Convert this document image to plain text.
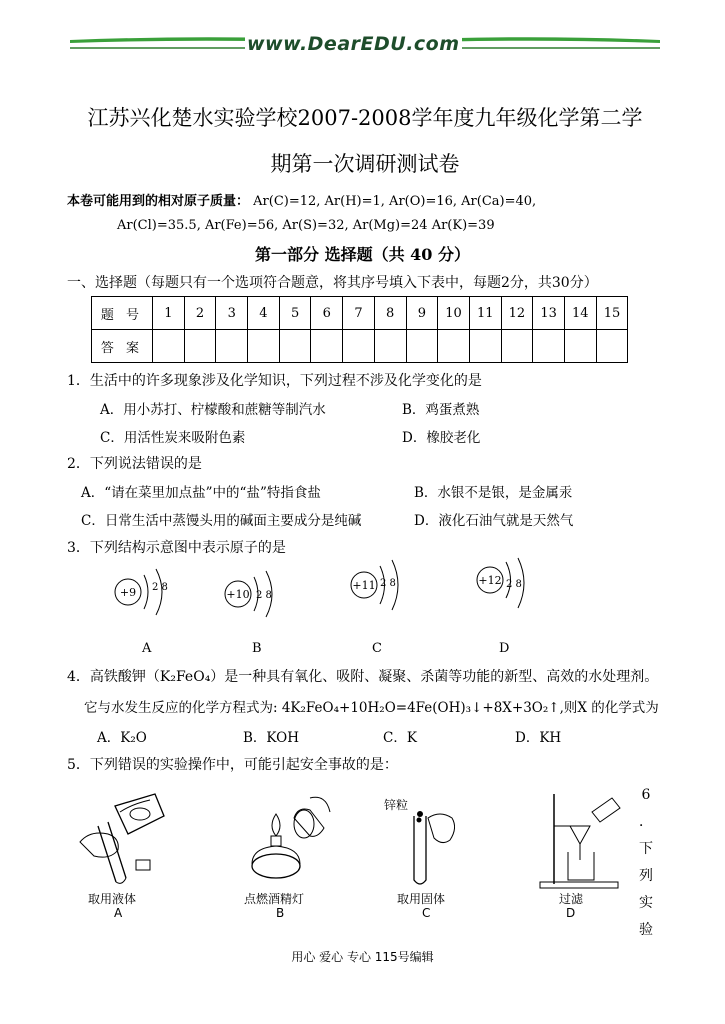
www.DearEDU.com
江苏兴化楚水实验学校2007-2008学年度九年级化学第二学
期第一次调研测试卷
本卷可能用到的相对原子质量： Ar(C)=12, Ar(H)=1, Ar(O)=16, Ar(Ca)=40,
Ar(Cl)=35.5, Ar(Fe)=56, Ar(S)=32, Ar(Mg)=24 Ar(K)=39
第一部分 选择题（共 40 分）
一、选择题（每题只有一个选项符合题意，将其序号填入下表中，每题2分，共30分）
题 号	1	2	3	4	5	6	7	8	9	10	11	12	13	14	15
答 案															
1．生活中的许多现象涉及化学知识，下列过程不涉及化学变化的是
A．用小苏打、柠檬酸和蔗糖等制汽水	B．鸡蛋煮熟
C．用活性炭来吸附色素	D．橡胶老化
2．下列说法错误的是
A．“请在菜里加点盐”中的“盐”特指食盐	B．水银不是银，是金属汞
C．日常生活中蒸馒头用的碱面主要成分是纯碱	D．液化石油气就是天然气
3．下列结构示意图中表示原子的是
+9 2 8
+10 2 8
+11 2 8	+12 2 8
A	B	C	D
4．高铁酸钾（K₂FeO₄）是一种具有氧化、吸附、凝聚、杀菌等功能的新型、高效的水处理剂。
它与水发生反应的化学方程式为: 4K₂FeO₄+10H₂O=4Fe(OH)₃↓+8X+3O₂↑,则X 的化学式为
A．K₂O	B．KOH	C．K	D．KH
5．下列错误的实验操作中，可能引起安全事故的是：
锌粒
取用液体
A
点燃酒精灯
B
取用固体
C
过滤
D
6
．
下
列
实
验
用心 爱心 专心 115号编辑
